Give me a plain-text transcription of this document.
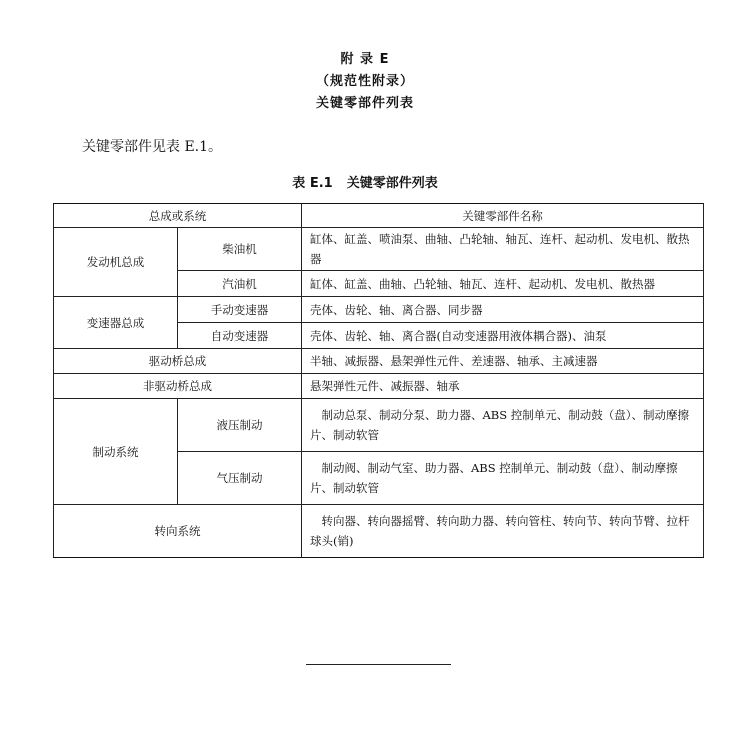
附 录 E
（规范性附录）
关键零部件列表
关键零部件见表 E.1。
表 E.1 关键零部件列表
总成或系统		关键零部件名称
发动机总成	柴油机	缸体、缸盖、喷油泵、曲轴、凸轮轴、轴瓦、连杆、起动机、发电机、散热器
	汽油机	缸体、缸盖、曲轴、凸轮轴、轴瓦、连杆、起动机、发电机、散热器
变速器总成	手动变速器	壳体、齿轮、轴、离合器、同步器
	自动变速器	壳体、齿轮、轴、离合器(自动变速器用液体耦合器)、油泵
驱动桥总成		半轴、减振器、悬架弹性元件、差速器、轴承、主减速器
非驱动桥总成		悬架弹性元件、减振器、轴承
制动系统	液压制动	制动总泵、制动分泵、助力器、ABS 控制单元、制动鼓（盘）、制动摩擦片、制动软管
	气压制动	制动阀、制动气室、助力器、ABS 控制单元、制动鼓（盘）、制动摩擦片、制动软管
转向系统		转向器、转向器摇臂、转向助力器、转向管柱、转向节、转向节臂、拉杆球头(销)
